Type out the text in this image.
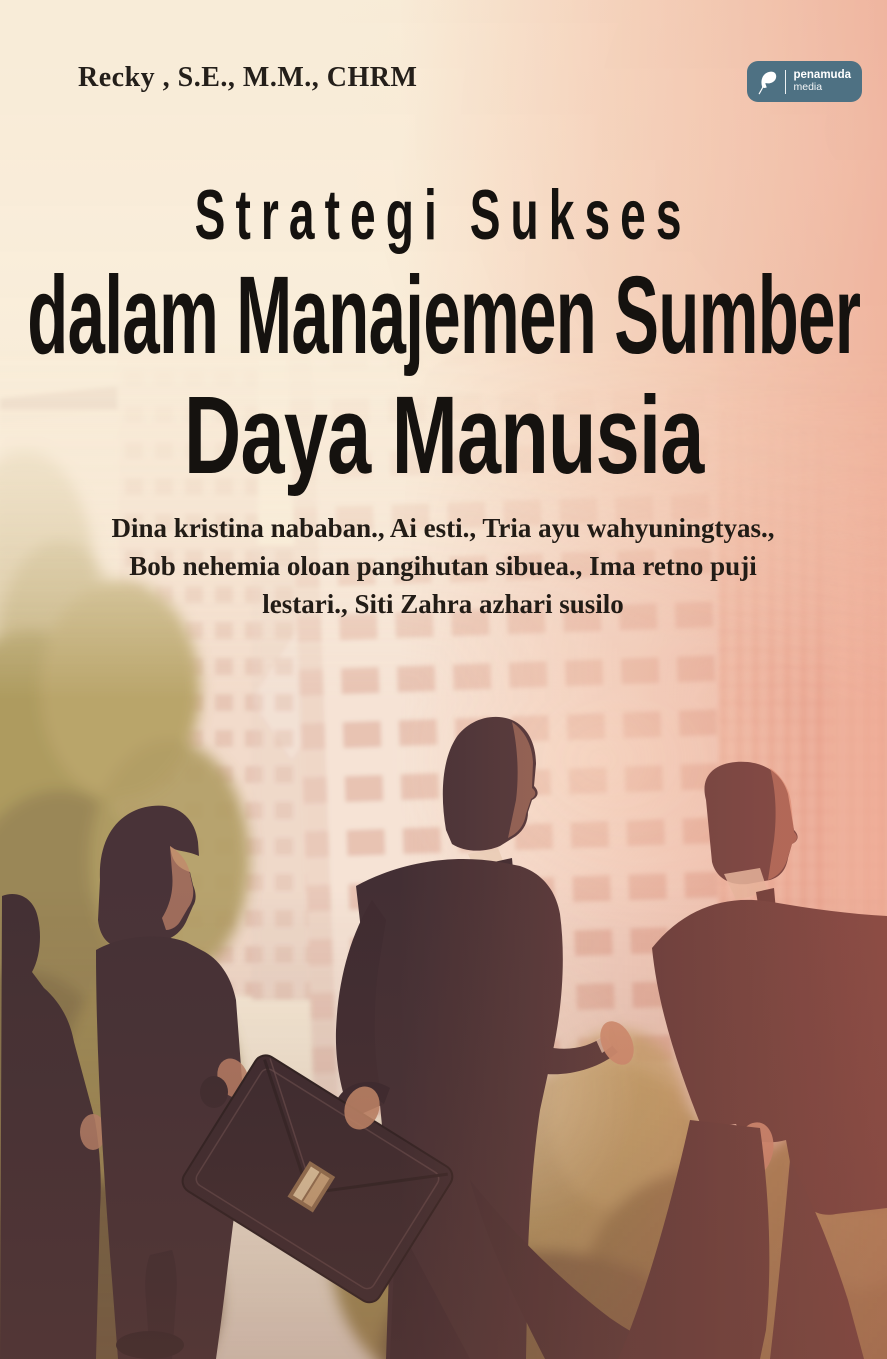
Recky , S.E., M.M., CHRM	penamuda
media
Strategi Sukses
dalam Manajemen Sumber
Daya Manusia
Dina kristina nababan., Ai esti., Tria ayu wahyuningtyas.,
Bob nehemia oloan pangihutan sibuea., Ima retno puji
lestari., Siti Zahra azhari susilo
